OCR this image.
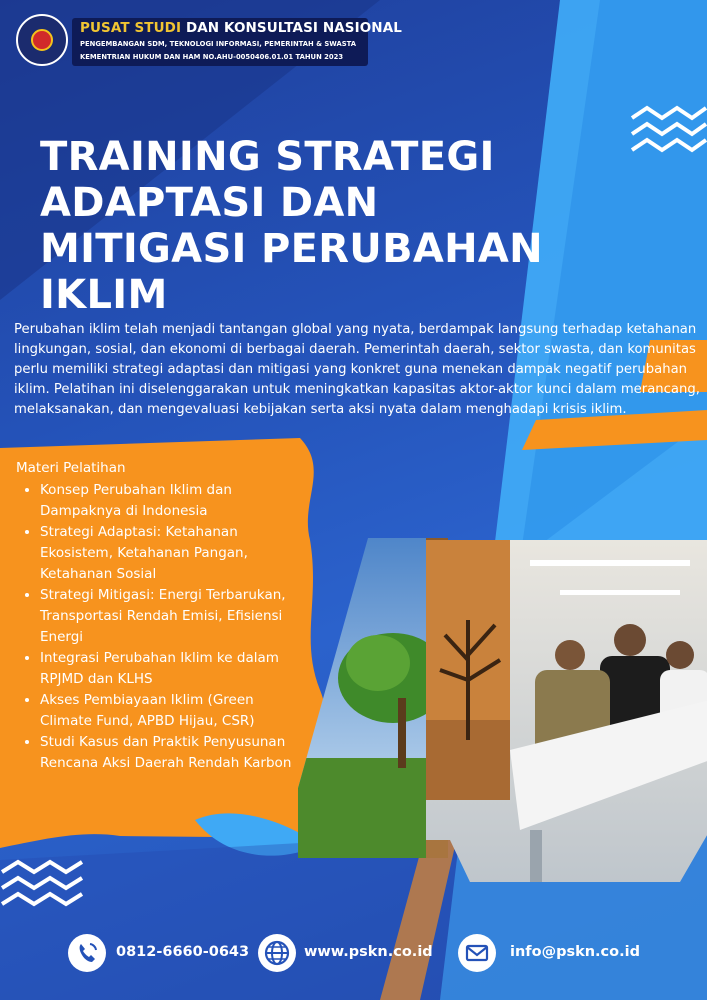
PUSAT STUDI DAN KONSULTASI NASIONAL
PENGEMBANGAN SDM, TEKNOLOGI INFORMASI, PEMERINTAH & SWASTA
KEMENTRIAN HUKUM DAN HAM NO.AHU-0050406.01.01 TAHUN 2023
TRAINING STRATEGI
ADAPTASI DAN
MITIGASI PERUBAHAN
IKLIM

Perubahan iklim telah menjadi tantangan global yang nyata, berdampak langsung terhadap ketahanan lingkungan, sosial, dan ekonomi di berbagai daerah. Pemerintah daerah, sektor swasta, dan komunitas perlu memiliki strategi adaptasi dan mitigasi yang konkret guna menekan dampak negatif perubahan iklim. Pelatihan ini diselenggarakan untuk meningkatkan kapasitas aktor-aktor kunci dalam merancang, melaksanakan, dan mengevaluasi kebijakan serta aksi nyata dalam menghadapi krisis iklim.

Materi Pelatihan
• Konsep Perubahan Iklim dan Dampaknya di Indonesia
• Strategi Adaptasi: Ketahanan Ekosistem, Ketahanan Pangan, Ketahanan Sosial
• Strategi Mitigasi: Energi Terbarukan, Transportasi Rendah Emisi, Efisiensi Energi
• Integrasi Perubahan Iklim ke dalam RPJMD dan KLHS
• Akses Pembiayaan Iklim (Green Climate Fund, APBD Hijau, CSR)
• Studi Kasus dan Praktik Penyusunan Rencana Aksi Daerah Rendah Karbon
0812-6660-0643	www.pskn.co.id	info@pskn.co.id
